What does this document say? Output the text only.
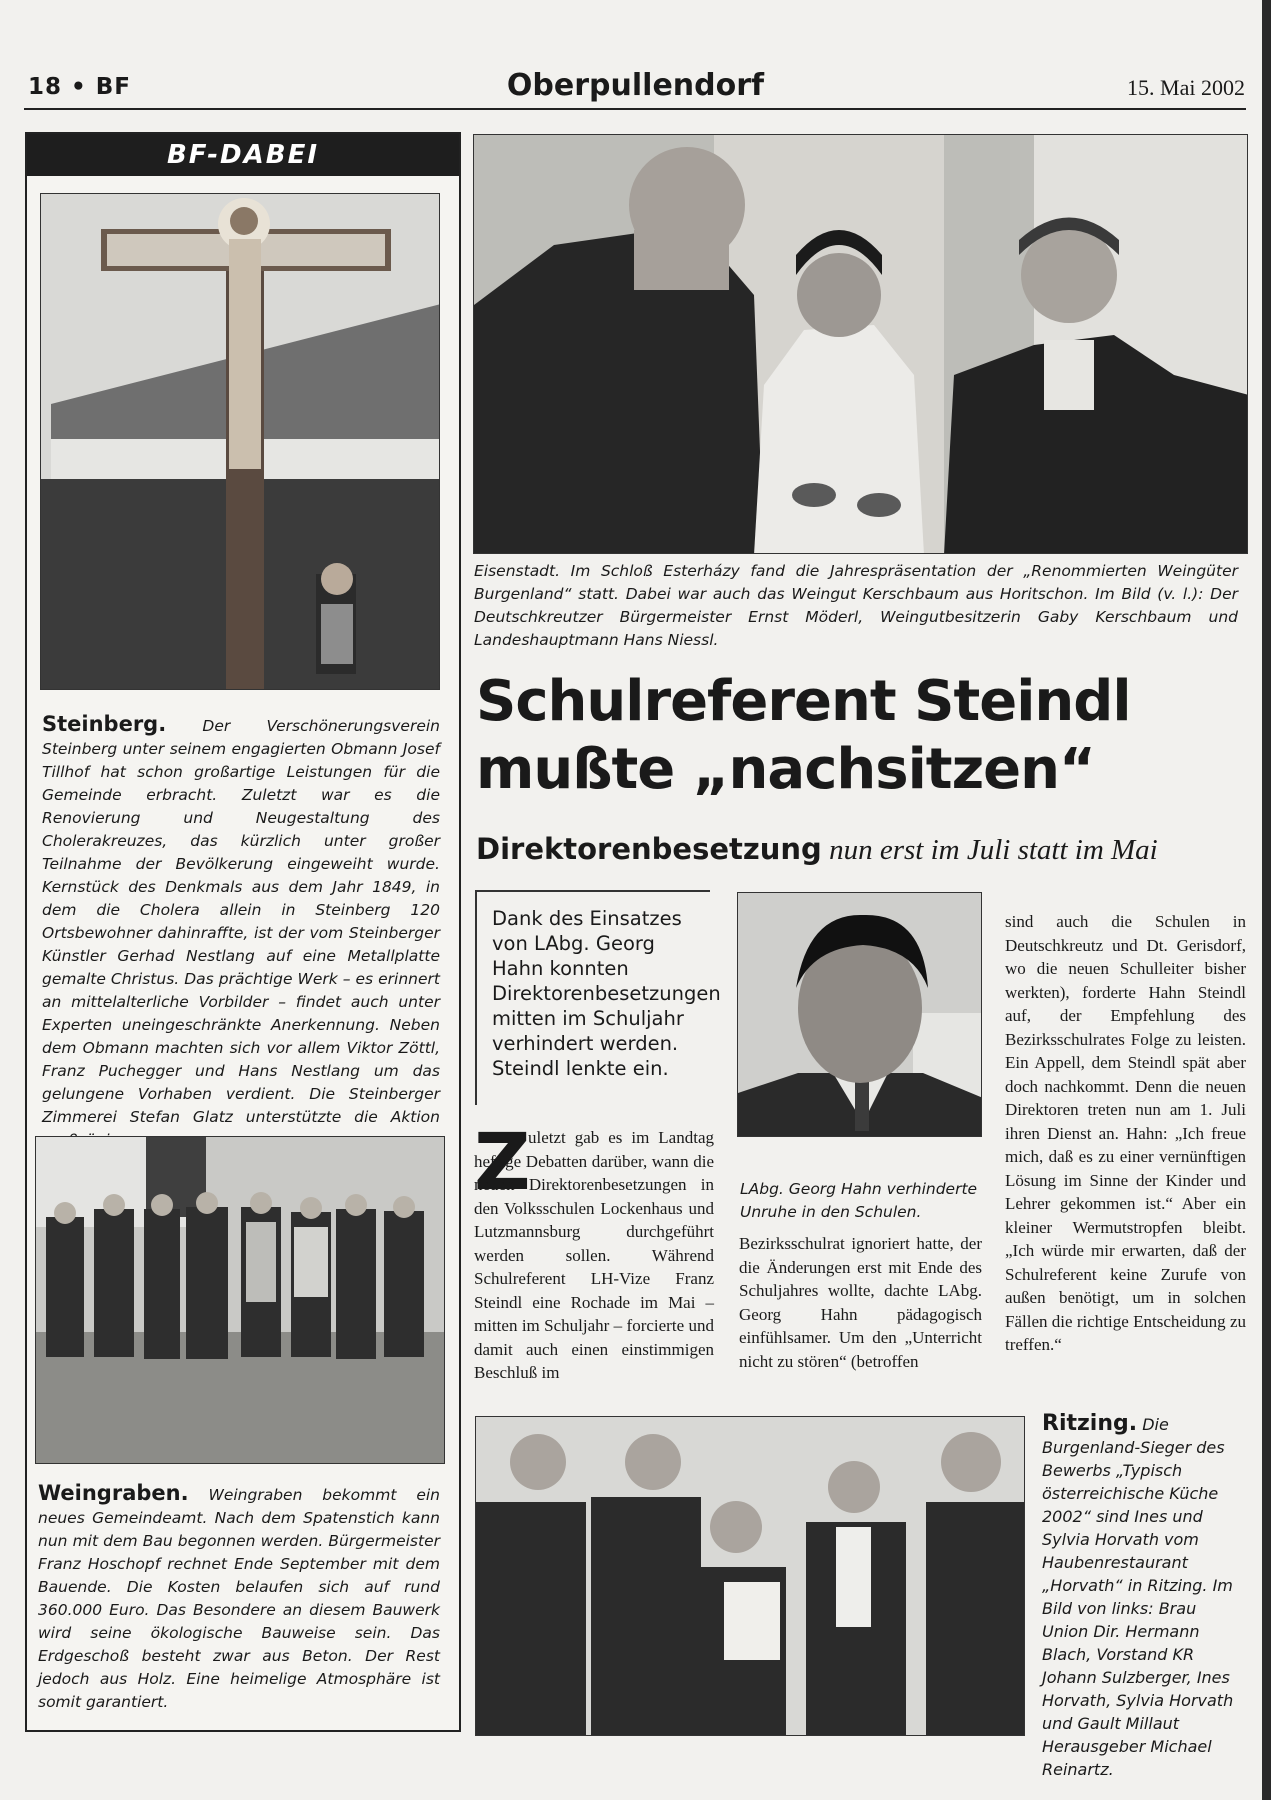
18 • BF	Oberpullendorf	15. Mai 2002
BF-DABEI
Steinberg. Der Verschönerungsverein Steinberg unter seinem engagierten Obmann Josef Tillhof hat schon großartige Leistungen für die Gemeinde erbracht. Zuletzt war es die Renovierung und Neugestaltung des Cholerakreuzes, das kürzlich unter großer Teilnahme der Bevölkerung eingeweiht wurde. Kernstück des Denkmals aus dem Jahr 1849, in dem die Cholera allein in Steinberg 120 Ortsbewohner dahinraffte, ist der vom Steinberger Künstler Gerhad Nestlang auf eine Metallplatte gemalte Christus. Das prächtige Werk – es erinnert an mittelalterliche Vorbilder – findet auch unter Experten uneingeschränkte Anerkennung. Neben dem Obmann machten sich vor allem Viktor Zöttl, Franz Puchegger und Hans Nestlang um das gelungene Vorhaben verdient. Die Steinberger Zimmerei Stefan Glatz unterstützte die Aktion
Weingraben. Weingraben bekommt ein neues Gemeindeamt. Nach dem Spatenstich kann nun mit dem Bau begonnen werden. Bürgermeister Franz Hoschopf rechnet Ende September mit dem Bauende. Die Kosten belaufen sich auf rund 360.000 Euro. Das Besondere an diesem Bauwerk wird seine ökologische Bauweise sein. Das Erdgeschoß besteht zwar aus Beton. Der Rest jedoch aus Holz. Eine heimelige Atmosphäre ist somit garantiert.
Eisenstadt. Im Schloß Esterházy fand die Jahrespräsentation der „Renommierten Weingüter Burgenland“ statt. Dabei war auch das Weingut Kerschbaum aus Horitschon. Im Bild (v. l.): Der Deutschkreutzer Bürgermeister Ernst Möderl, Weingutbesitzerin Gaby Kerschbaum und Landeshauptmann Hans Niessl.
Schulreferent Steindl
mußte „nachsitzen“
Direktorenbesetzung nun erst im Juli statt im Mai
Dank des Einsatzes von LAbg. Georg Hahn konnten Direktorenbesetzungen mitten im Schuljahr verhindert werden. Steindl lenkte ein.
Z
uletzt gab es im Landtag heftige Debatten darüber, wann die neuen Direktorenbesetzungen in den Volksschulen Lockenhaus und Lutzmannsburg durchgeführt werden sollen. Während Schulreferent LH-Vize Franz Steindl eine Rochade im Mai – mitten im Schuljahr – forcierte und damit auch einen einstimmigen Beschluß im
LAbg. Georg Hahn verhinderte Unruhe in den Schulen.
Bezirksschulrat ignoriert hatte, der die Änderungen erst mit Ende des Schuljahres wollte, dachte LAbg. Georg Hahn pädagogisch einfühlsamer. Um den „Unterricht nicht zu stören“ (betroffen
sind auch die Schulen in Deutschkreutz und Dt. Gerisdorf, wo die neuen Schulleiter bisher werkten), forderte Hahn Steindl auf, der Empfehlung des Bezirksschulrates Folge zu leisten. Ein Appell, dem Steindl spät aber doch nachkommt. Denn die neuen Direktoren treten nun am 1. Juli ihren Dienst an. Hahn: „Ich freue mich, daß es zu einer vernünftigen Lösung im Sinne der Kinder und Lehrer gekommen ist.“ Aber ein kleiner Wermutstropfen bleibt. „Ich würde mir erwarten, daß der Schulreferent keine Zurufe von außen benötigt, um in solchen Fällen die richtige Entscheidung zu treffen.“
Ritzing. Die Burgenland-Sieger des Bewerbs „Typisch österreichische Küche 2002“ sind Ines und Sylvia Horvath vom Haubenrestaurant „Horvath“ in Ritzing. Im Bild von links: Brau Union Dir. Hermann Blach, Vorstand KR Johann Sulzberger, Ines Horvath, Sylvia Horvath und Gault Millaut Herausgeber Michael Reinartz.
